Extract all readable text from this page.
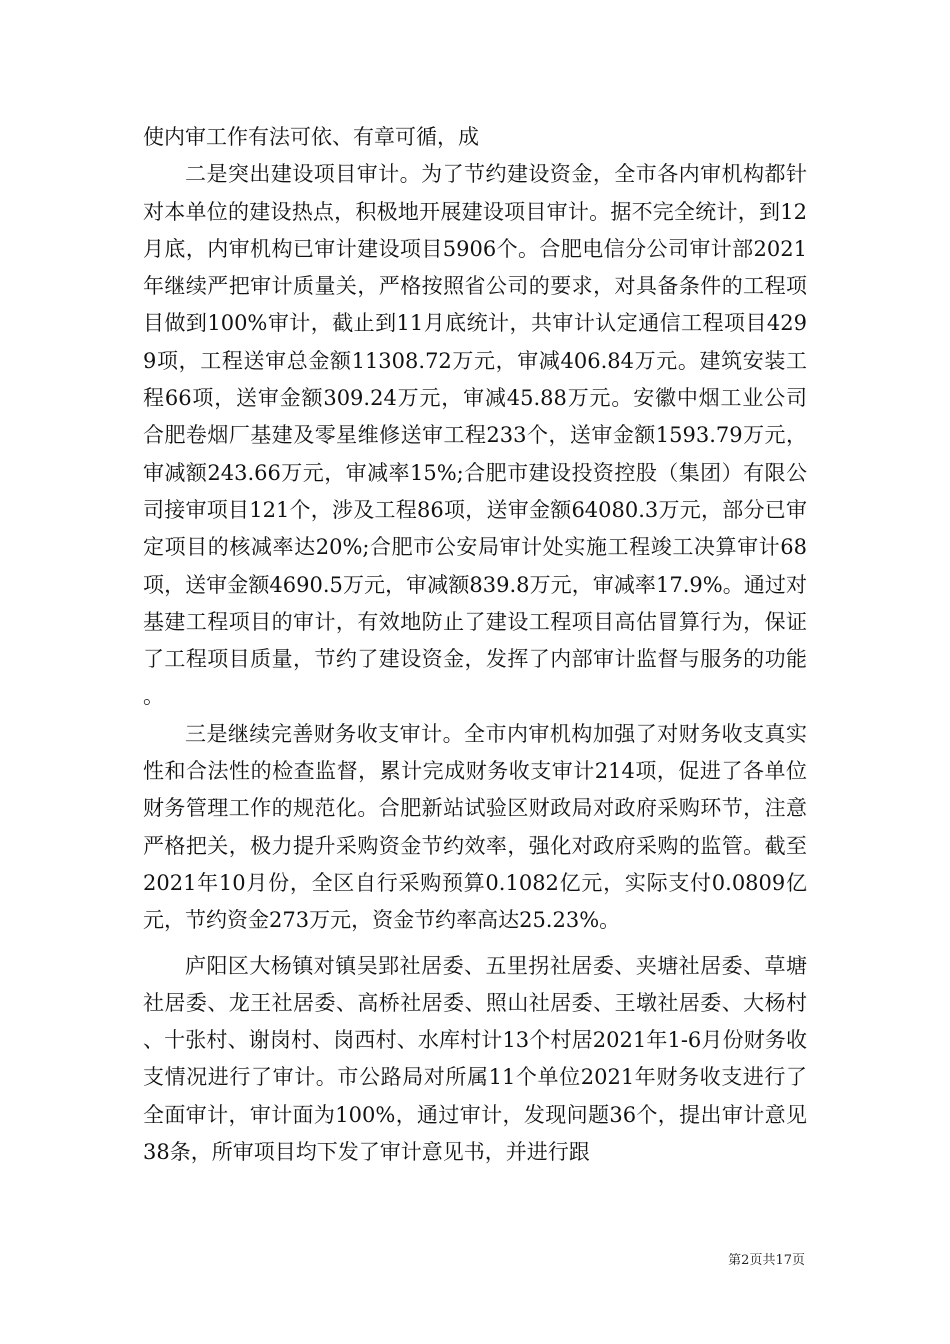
使内审工作有法可依、有章可循，成

二是突出建设项目审计。为了节约建设资金，全市各内审机构都针对本单位的建设热点，积极地开展建设项目审计。据不完全统计，到12月底，内审机构已审计建设项目5906个。合肥电信分公司审计部2021年继续严把审计质量关，严格按照省公司的要求，对具备条件的工程项目做到100%审计，截止到11月底统计，共审计认定通信工程项目4299项，工程送审总金额11308.72万元，审减406.84万元。建筑安装工程66项，送审金额309.24万元，审减45.88万元。安徽中烟工业公司合肥卷烟厂基建及零星维修送审工程233个，送审金额1593.79万元，审减额243.66万元，审减率15%;合肥市建设投资控股（集团）有限公司接审项目121个，涉及工程86项，送审金额64080.3万元，部分已审定项目的核减率达20%;合肥市公安局审计处实施工程竣工决算审计68项，送审金额4690.5万元，审减额839.8万元，审减率17.9%。通过对基建工程项目的审计，有效地防止了建设工程项目高估冒算行为，保证了工程项目质量，节约了建设资金，发挥了内部审计监督与服务的功能。

三是继续完善财务收支审计。全市内审机构加强了对财务收支真实性和合法性的检查监督，累计完成财务收支审计214项，促进了各单位财务管理工作的规范化。合肥新站试验区财政局对政府采购环节，注意严格把关，极力提升采购资金节约效率，强化对政府采购的监管。截至2021年10月份，全区自行采购预算0.1082亿元，实际支付0.0809亿元，节约资金273万元，资金节约率高达25.23%。

庐阳区大杨镇对镇吴郢社居委、五里拐社居委、夹塘社居委、草塘社居委、龙王社居委、高桥社居委、照山社居委、王墩社居委、大杨村、十张村、谢岗村、岗西村、水库村计13个村居2021年1-6月份财务收支情况进行了审计。市公路局对所属11个单位2021年财务收支进行了全面审计，审计面为100%，通过审计，发现问题36个，提出审计意见38条，所审项目均下发了审计意见书，并进行跟

第2页共17页
